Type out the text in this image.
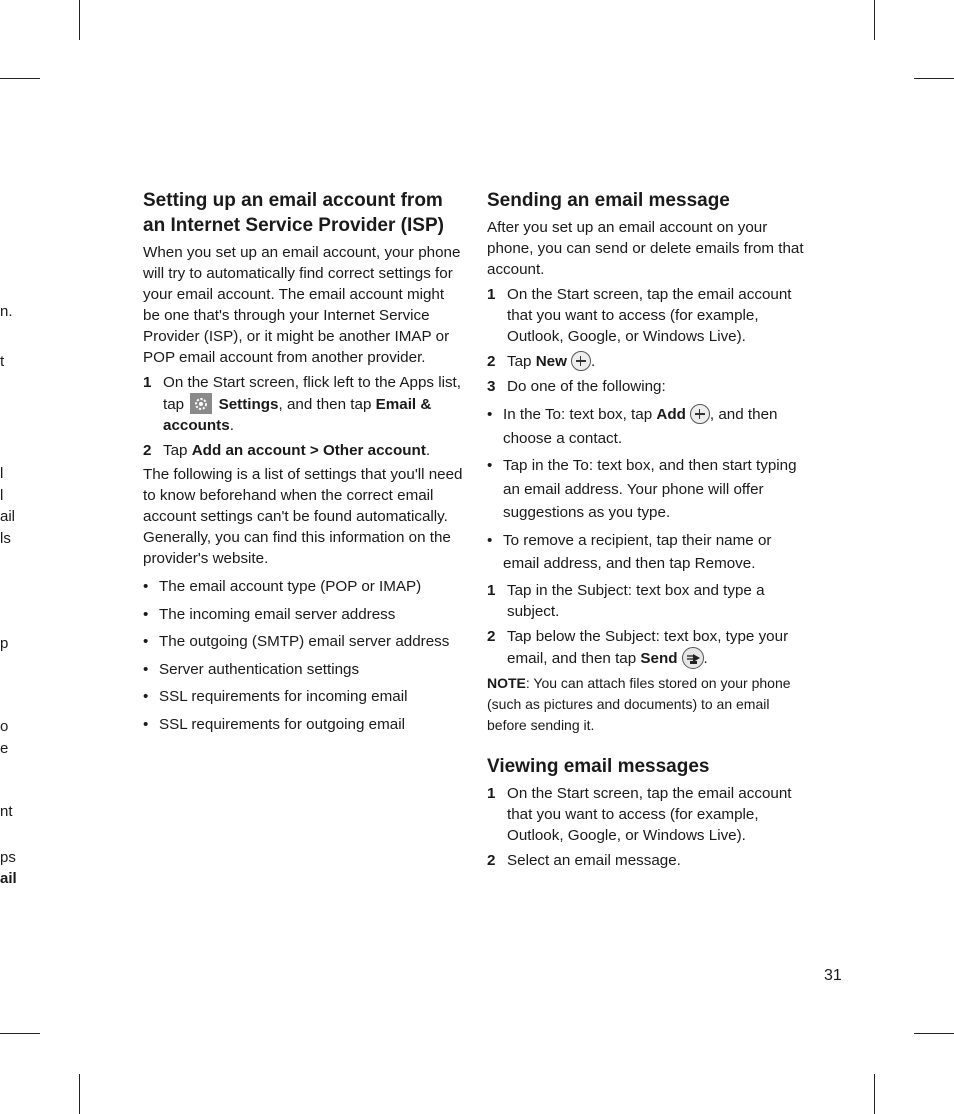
n.
t
l
l
ail
ls
p
o
e
nt
ps
ail
Setting up an email account from an Internet Service Provider (ISP)

When you set up an email account, your phone will try to automatically find correct settings for your email account. The email account might be one that's through your Internet Service Provider (ISP), or it might be another IMAP or POP email account from another provider.

1 On the Start screen, flick left to the Apps list, tap
Settings, and then tap Email & accounts.
2 Tap Add an account > Other account.

The following is a list of settings that you'll need to know beforehand when the correct email account settings can't be found automatically. Generally, you can find this information on the provider's website.

• The email account type (POP or IMAP)
• The incoming email server address
• The outgoing (SMTP) email server address
• Server authentication settings
• SSL requirements for incoming email
• SSL requirements for outgoing email
Sending an email message

After you set up an email account on your phone, you can send or delete emails from that account.

1 On the Start screen, tap the email account that you want to access (for example, Outlook, Google, or Windows Live).
2 Tap New .
3 Do one of the following:
• In the To: text box, tap Add , and then choose a contact.
• Tap in the To: text box, and then start typing an email address. Your phone will offer suggestions as you type.
• To remove a recipient, tap their name or email address, and then tap Remove.
1 Tap in the Subject: text box and type a subject.
2 Tap below the Subject: text box, type your email, and then tap Send .

NOTE: You can attach files stored on your phone (such as pictures and documents) to an email before sending it.

Viewing email messages
1 On the Start screen, tap the email account that you want to access (for example, Outlook, Google, or Windows Live).
2 Select an email message.
31
